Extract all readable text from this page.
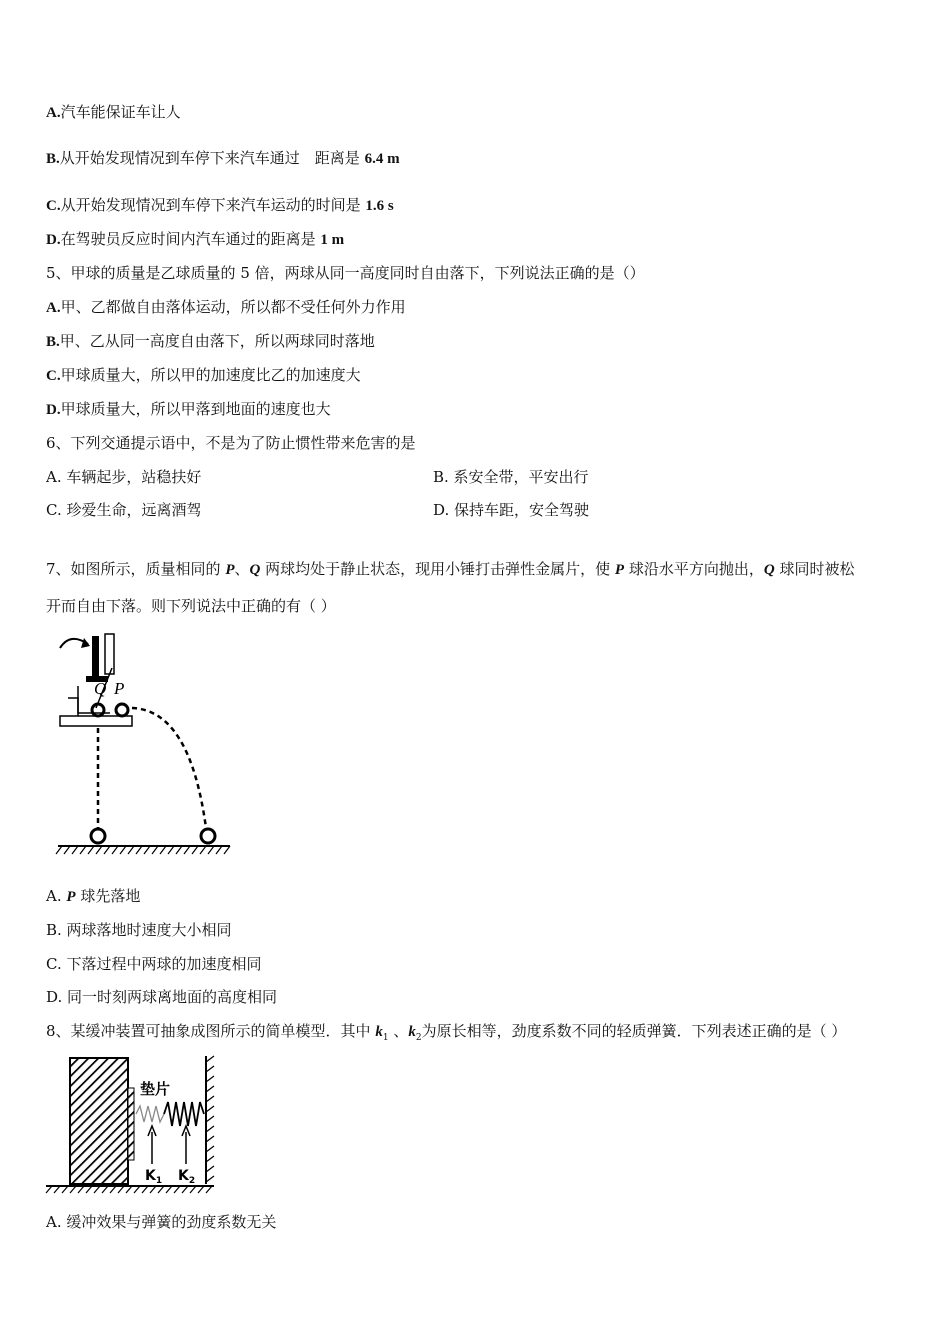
A.汽车能保证车让人
B.从开始发现情况到车停下来汽车通过　距离是 6.4 m
C.从开始发现情况到车停下来汽车运动的时间是 1.6 s
D.在驾驶员反应时间内汽车通过的距离是 1 m
5、甲球的质量是乙球质量的 5 倍，两球从同一高度同时自由落下，下列说法正确的是（）
A.甲、乙都做自由落体运动，所以都不受任何外力作用
B.甲、乙从同一高度自由落下，所以两球同时落地
C.甲球质量大，所以甲的加速度比乙的加速度大
D.甲球质量大，所以甲落到地面的速度也大
6、下列交通提示语中，不是为了防止惯性带来危害的是
A. 车辆起步，站稳扶好	B. 系安全带，平安出行
C. 珍爱生命，远离酒驾	D. 保持车距，安全驾驶
7、如图所示，质量相同的 P、Q 两球均处于静止状态，现用小锤打击弹性金属片，使 P 球沿水平方向抛出，Q 球同时被松
开而自由下落。则下列说法中正确的有（ ）
Q P
A. P 球先落地
B. 两球落地时速度大小相同
C. 下落过程中两球的加速度相同
D. 同一时刻两球离地面的高度相同
8、某缓冲装置可抽象成图所示的简单模型．其中 $k_1$ 、$k_2$为原长相等，劲度系数不同的轻质弹簧．下列表述正确的是（ ）
垫片
$K_1$ $K_2$
A. 缓冲效果与弹簧的劲度系数无关
